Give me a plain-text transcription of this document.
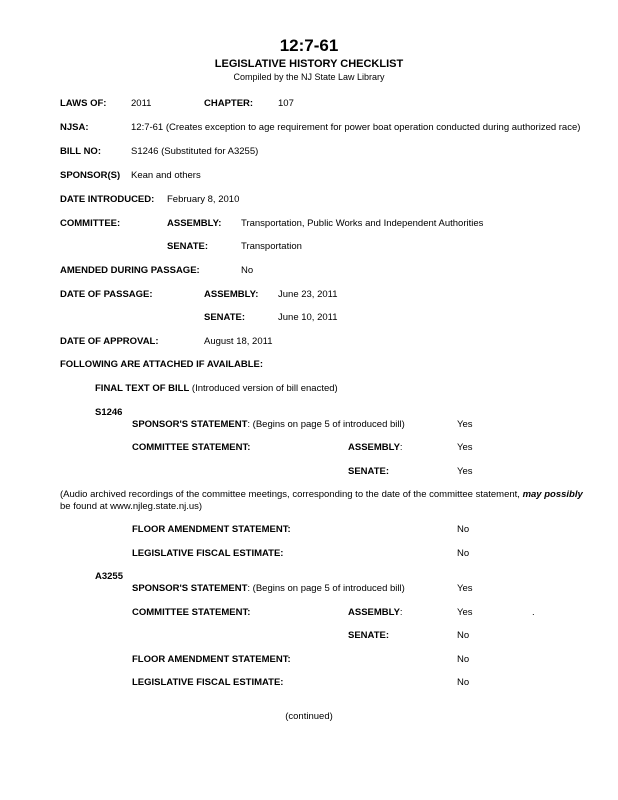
12:7-61
LEGISLATIVE HISTORY CHECKLIST
Compiled by the NJ State Law Library
LAWS OF:	2011	CHAPTER:	107
NJSA:	12:7-61 (Creates exception to age requirement for power boat operation conducted during authorized race)
BILL NO:	S1246 (Substituted for A3255)
SPONSOR(S) Kean and others
DATE INTRODUCED: February 8, 2010
COMMITTEE:	ASSEMBLY: Transportation, Public Works and Independent Authorities
SENATE:	Transportation
AMENDED DURING PASSAGE:	No
DATE OF PASSAGE:	ASSEMBLY: June 23, 2011
SENATE:	June 10, 2011
DATE OF APPROVAL:	August 18, 2011
FOLLOWING ARE ATTACHED IF AVAILABLE:
FINAL TEXT OF BILL (Introduced version of bill enacted)
S1246
SPONSOR'S STATEMENT: (Begins on page 5 of introduced bill)	Yes
COMMITTEE STATEMENT:	ASSEMBLY:	Yes
SENATE:	Yes
(Audio archived recordings of the committee meetings, corresponding to the date of the committee statement, may possibly
be found at www.njleg.state.nj.us)
FLOOR AMENDMENT STATEMENT:	No
LEGISLATIVE FISCAL ESTIMATE:	No
A3255
SPONSOR'S STATEMENT: (Begins on page 5 of introduced bill)	Yes
COMMITTEE STATEMENT:	ASSEMBLY:	Yes	.
SENATE:	No
FLOOR AMENDMENT STATEMENT:	No
LEGISLATIVE FISCAL ESTIMATE:	No
(continued)
